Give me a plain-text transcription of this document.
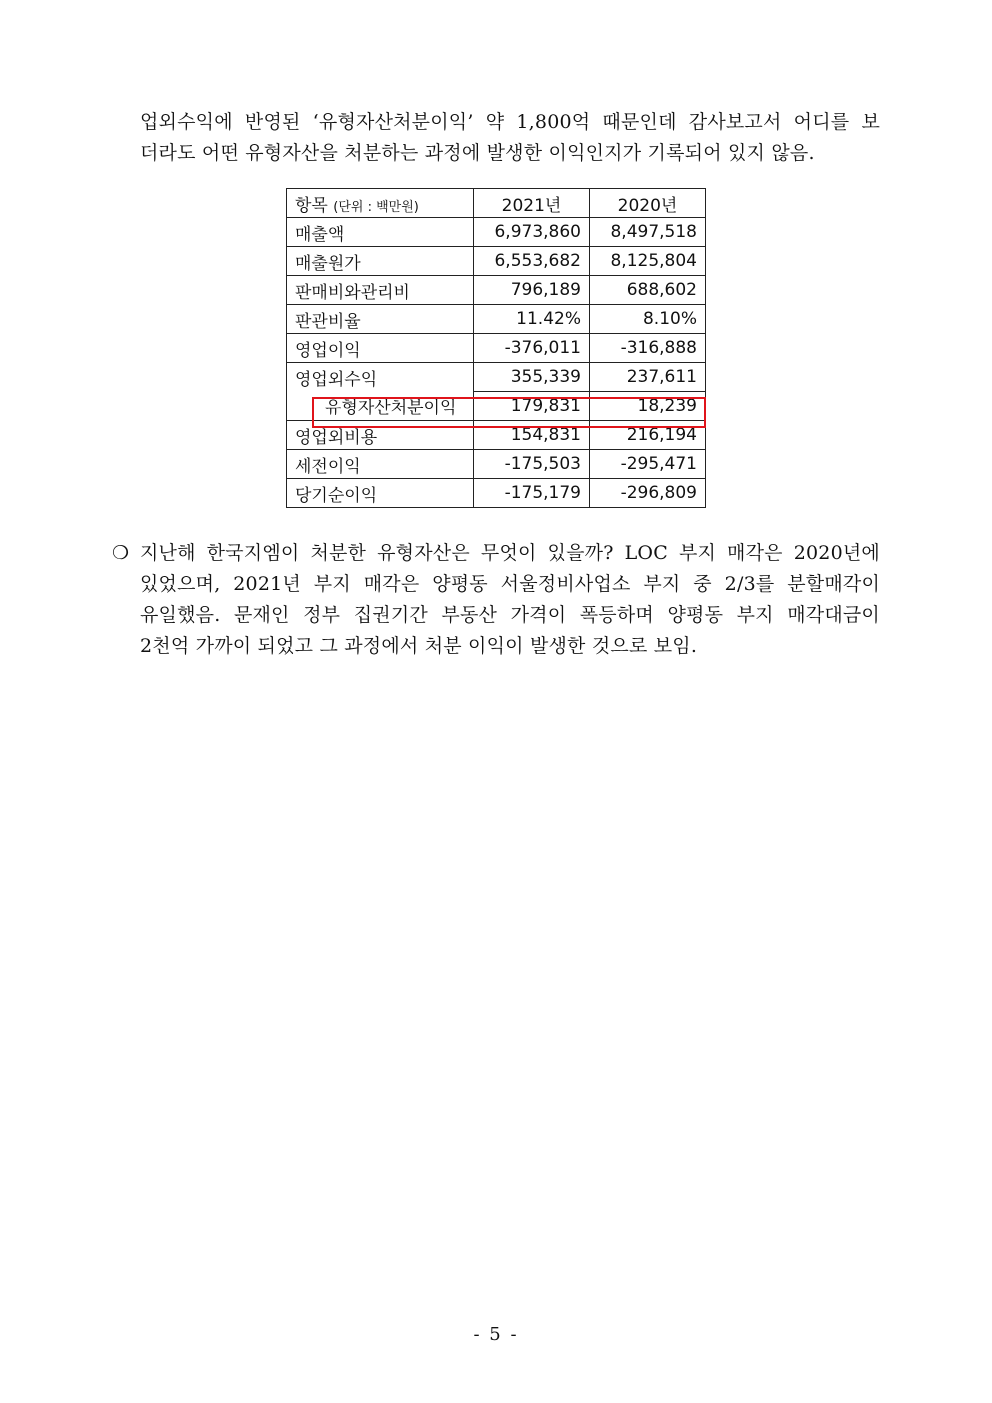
업외수익에 반영된 ‘유형자산처분이익’ 약 1,800억 때문인데 감사보고서 어디를 보
더라도 어떤 유형자산을 처분하는 과정에 발생한 이익인지가 기록되어 있지 않음.
항목 (단위 : 백만원)	2021년	2020년
매출액	6,973,860	8,497,518
매출원가	6,553,682	8,125,804
판매비와관리비	796,189	688,602
판관비율	11.42%	8.10%
영업이익	-376,011	-316,888
영업외수익	355,339	237,611
유형자산처분이익	179,831	18,239
영업외비용	154,831	216,194
세전이익	-175,503	-295,471
당기순이익	-175,179	-296,809
❍ 지난해 한국지엠이 처분한 유형자산은 무엇이 있을까? LOC 부지 매각은 2020년에
있었으며, 2021년 부지 매각은 양평동 서울정비사업소 부지 중 2/3를 분할매각이
유일했음. 문재인 정부 집권기간 부동산 가격이 폭등하며 양평동 부지 매각대금이
2천억 가까이 되었고 그 과정에서 처분 이익이 발생한 것으로 보임.
- 5 -
